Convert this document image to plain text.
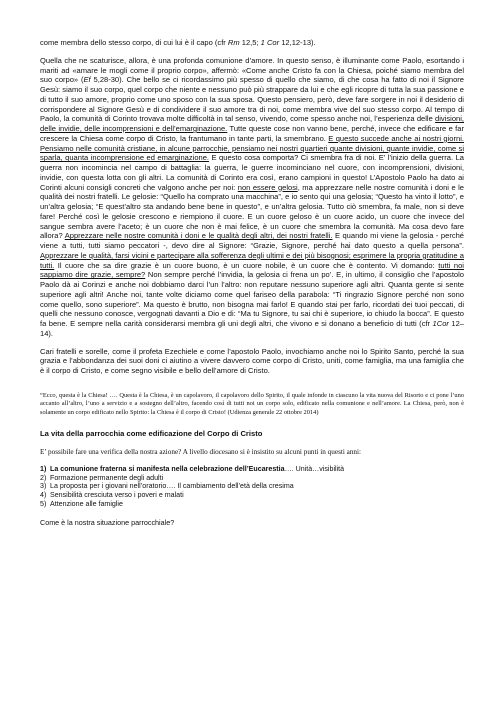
come membra dello stesso corpo, di cui lui è il capo (cfr Rm 12,5; 1 Cor 12,12-13).

Quella che ne scaturisce, allora, è una profonda comunione d’amore. In questo senso, è illuminante come Paolo, esortando i mariti ad «amare le mogli come il proprio corpo», affermò: «Come anche Cristo fa con la Chiesa, poiché siamo membra del suo corpo» (Ef 5,28-30). Che bello se ci ricordassimo più spesso di quello che siamo, di che cosa ha fatto di noi il Signore Gesù: siamo il suo corpo, quel corpo che niente e nessuno può più strappare da lui e che egli ricopre di tutta la sua passione e di tutto il suo amore, proprio come uno sposo con la sua sposa. Questo pensiero, però, deve fare sorgere in noi il desiderio di corrispondere al Signore Gesù e di condividere il suo amore tra di noi, come membra vive del suo stesso corpo. Al tempo di Paolo, la comunità di Corinto trovava molte difficoltà in tal senso, vivendo, come spesso anche noi, l’esperienza delle divisioni, delle invidie, delle incomprensioni e dell’emarginazione. Tutte queste cose non vanno bene, perché, invece che edificare e far crescere la Chiesa come corpo di Cristo, la frantumano in tante parti, la smembrano. E questo succede anche ai nostri giorni. Pensiamo nelle comunità cristiane, in alcune parrocchie, pensiamo nei nostri quartieri quante divisioni, quante invidie, come si sparla, quanta incomprensione ed emarginazione. E questo cosa comporta? Ci smembra fra di noi. E’ l’inizio della guerra. La guerra non incomincia nel campo di battaglia: la guerra, le guerre incominciano nel cuore, con incomprensioni, divisioni, invidie, con questa lotta con gli altri. La comunità di Corinto era così, erano campioni in questo! L’Apostolo Paolo ha dato ai Corinti alcuni consigli concreti che valgono anche per noi: non essere gelosi, ma apprezzare nelle nostre comunità i doni e le qualità dei nostri fratelli. Le gelosie: “Quello ha comprato una macchina”, e io sento qui una gelosia; “Questo ha vinto il lotto”, e un’altra gelosia; “E quest’altro sta andando bene bene in questo”, e un’altra gelosia. Tutto ciò smembra, fa male, non si deve fare! Perché così le gelosie crescono e riempiono il cuore. E un cuore geloso è un cuore acido, un cuore che invece del sangue sembra avere l’aceto; è un cuore che non è mai felice, è un cuore che smembra la comunità. Ma cosa devo fare allora? Apprezzare nelle nostre comunità i doni e le qualità degli altri, dei nostri fratelli. E quando mi viene la gelosia - perché viene a tutti, tutti siamo peccatori -, devo dire al Signore: “Grazie, Signore, perché hai dato questo a quella persona”. Apprezzare le qualità, farsi vicini e partecipare alla sofferenza degli ultimi e dei più bisognosi; esprimere la propria gratitudine a tutti. Il cuore che sa dire grazie è un cuore buono, è un cuore nobile, è un cuore che è contento. Vi domando: tutti noi sappiamo dire grazie, sempre? Non sempre perché l’invidia, la gelosia ci frena un po’. E, in ultimo, il consiglio che l’apostolo Paolo dà ai Corinzi e anche noi dobbiamo darci l’un l’altro: non reputare nessuno superiore agli altri. Quanta gente si sente superiore agli altri! Anche noi, tante volte diciamo come quel fariseo della parabola: “Ti ringrazio Signore perché non sono come quello, sono superiore”. Ma questo è brutto, non bisogna mai farlo! E quando stai per farlo, ricordati dei tuoi peccati, di quelli che nessuno conosce, vergognati davanti a Dio e di: “Ma tu Signore, tu sai chi è superiore, io chiudo la bocca”. E questo fa bene. E sempre nella carità considerarsi membra gli uni degli altri, che vivono e si donano a beneficio di tutti (cfr 1Cor 12–14).

Cari fratelli e sorelle, come il profeta Ezechiele e come l’apostolo Paolo, invochiamo anche noi lo Spirito Santo, perché la sua grazia e l’abbondanza dei suoi doni ci aiutino a vivere davvero come corpo di Cristo, uniti, come famiglia, ma una famiglia che è il corpo di Cristo, e come segno visibile e bello dell’amore di Cristo.

“Ecco, questa è la Chiesa! …. Questa è la Chiesa, è un capolavoro, il capolavoro dello Spirito, il quale infonde in ciascuno la vita nuova del Risorto e ci pone l’uno accanto all’altro, l’uno a servizio e a sostegno dell’altro, facendo così di tutti noi un corpo solo, edificato nella comunione e nell’amore. La Chiesa, però, non è solamente un corpo edificato nello Spirito: la Chiesa è il corpo di Cristo! (Udienza generale 22 ottobre 2014)

La vita della parrocchia come edificazione del Corpo di Cristo

E’ possibile fare una verifica della nostra azione? A livello diocesano si è insistito su alcuni punti in questi anni:

1) La comunione fraterna si manifesta nella celebrazione dell’Eucarestia…. Unità…visibilità
2) Formazione permanente degli adulti
3) La proposta per i giovani nell’oratorio…. Il cambiamento dell’età della cresima
4) Sensibilità cresciuta verso i poveri e malati
5) Attenzione alle famiglie

Come è la nostra situazione parrocchiale?
